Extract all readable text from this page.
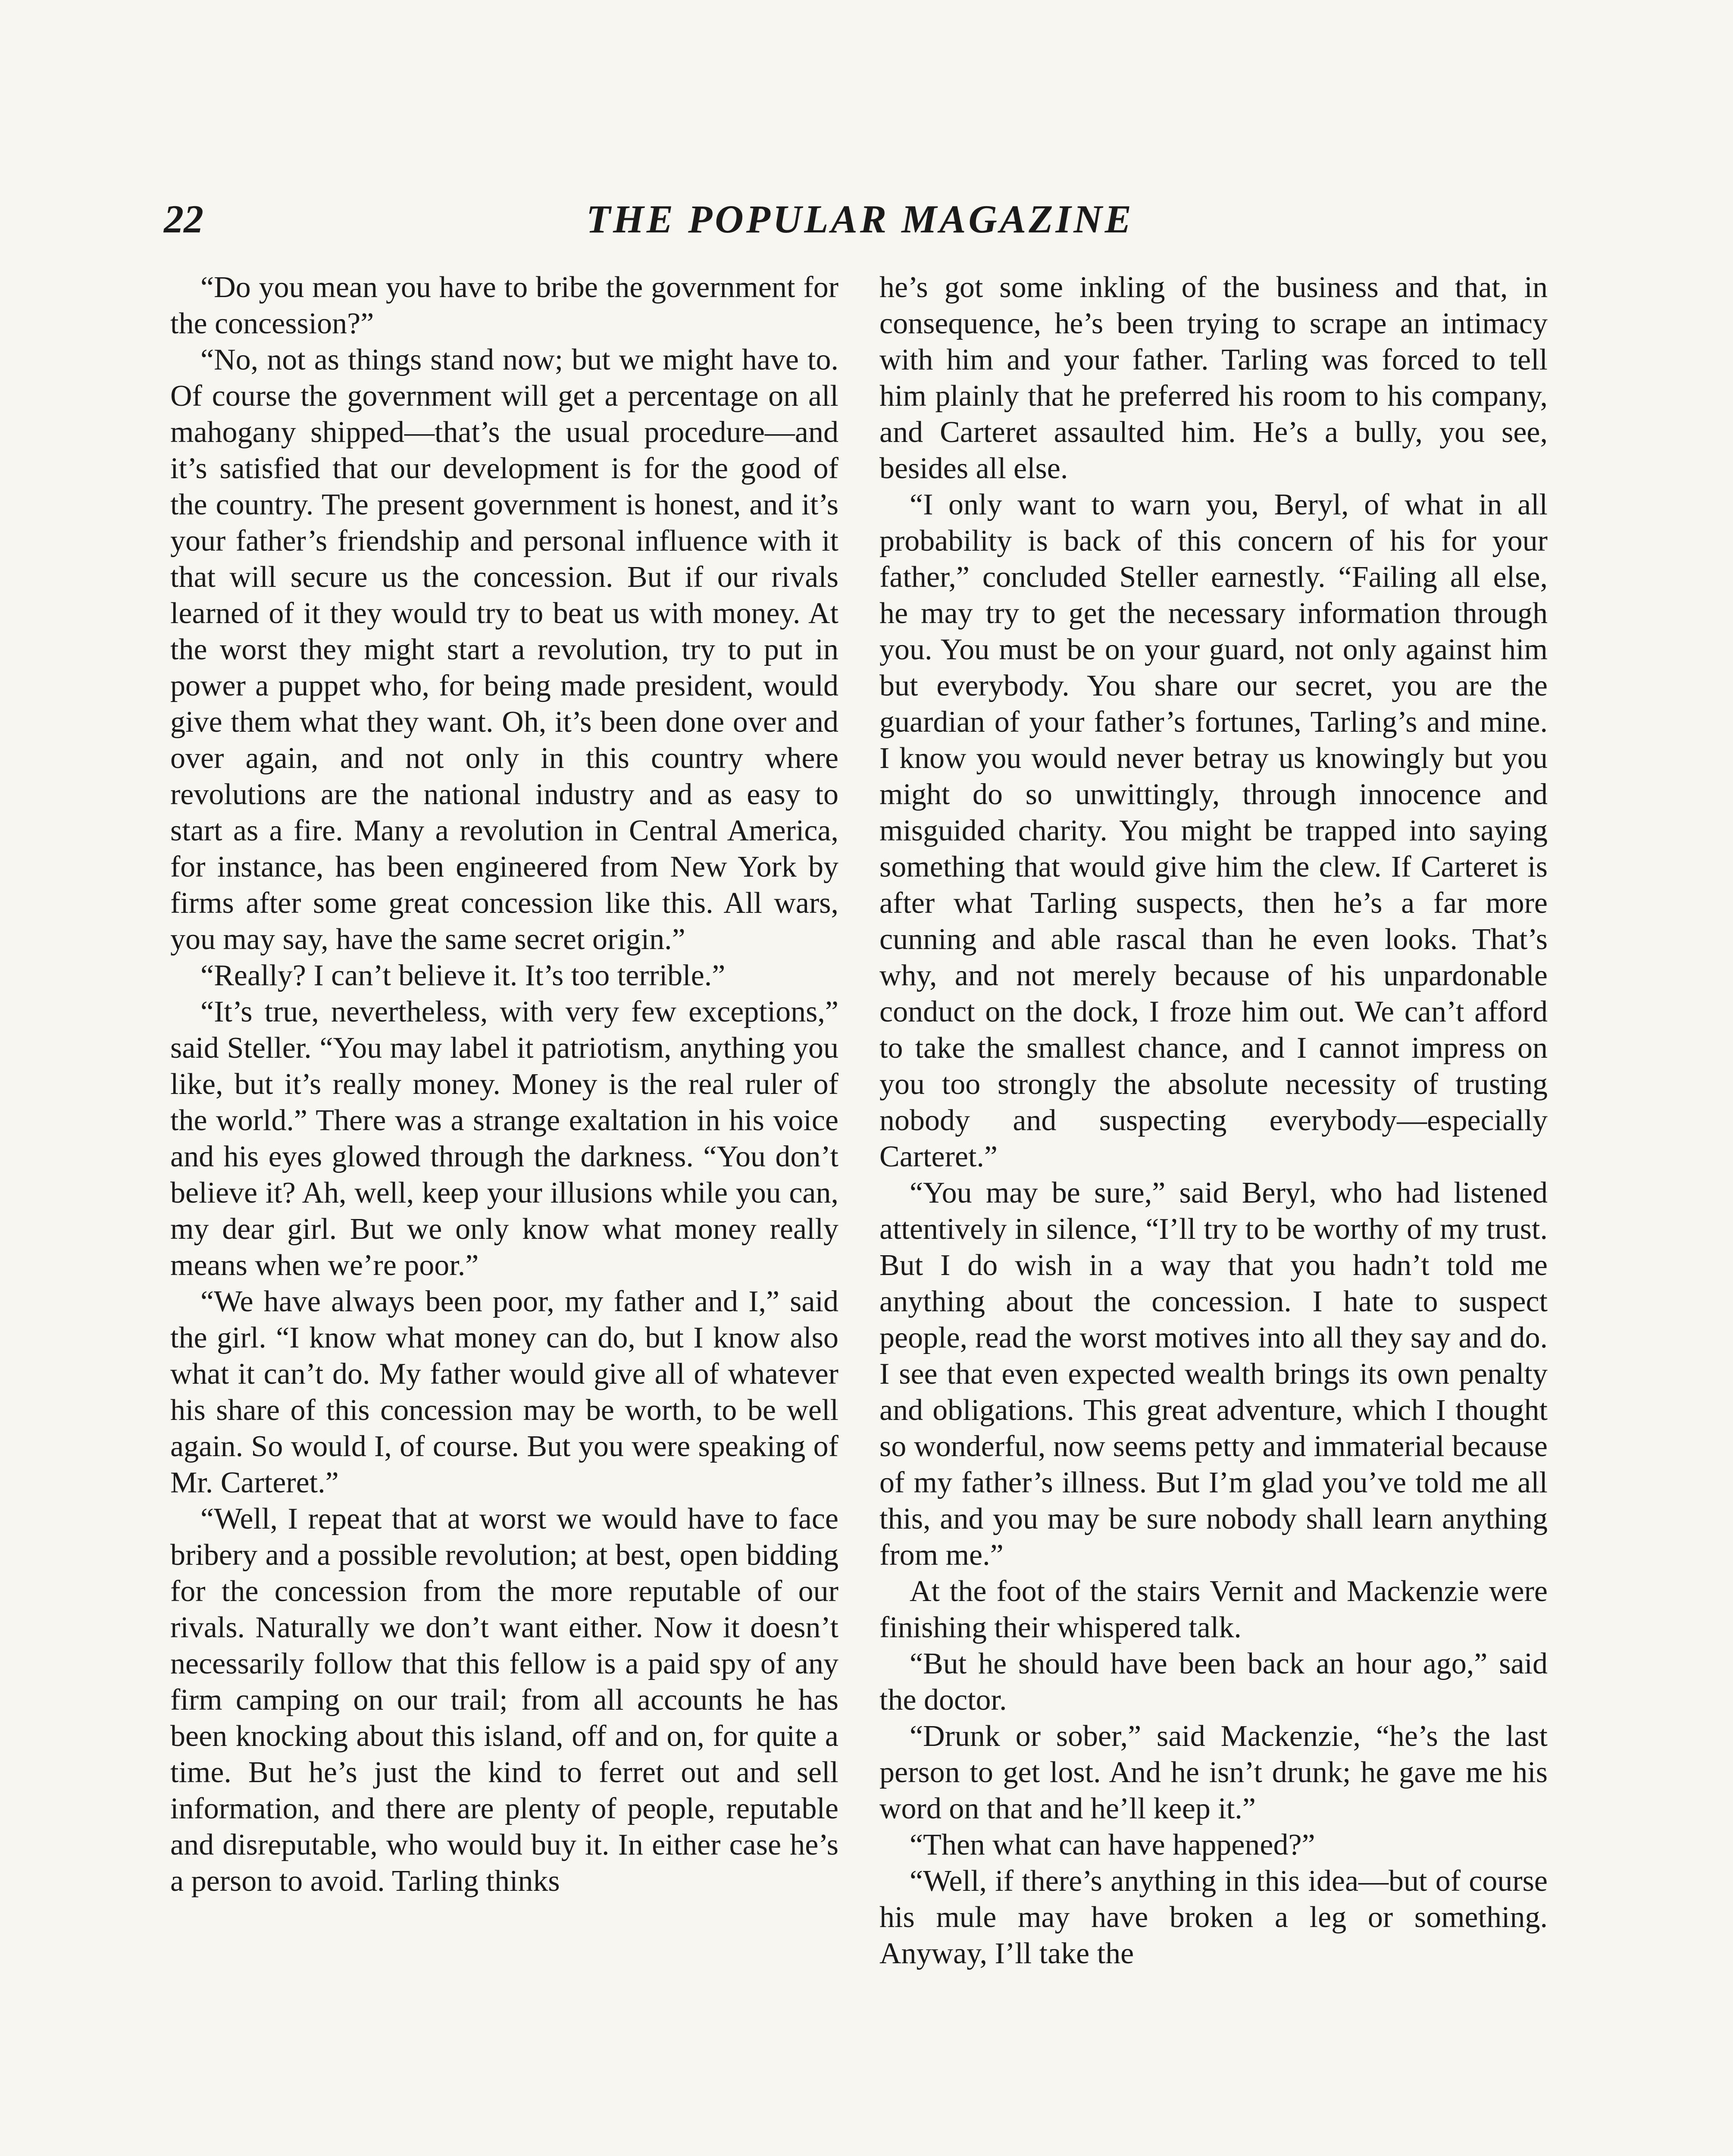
22	THE POPULAR MAGAZINE

“Do you mean you have to bribe the government for the concession?”

“No, not as things stand now; but we might have to. Of course the government will get a percentage on all mahogany shipped—that’s the usual procedure—and it’s satisfied that our development is for the good of the country. The present government is honest, and it’s your father’s friendship and personal influence with it that will secure us the concession. But if our rivals learned of it they would try to beat us with money. At the worst they might start a revolution, try to put in power a puppet who, for being made president, would give them what they want. Oh, it’s been done over and over again, and not only in this country where revolutions are the national industry and as easy to start as a fire. Many a revolution in Central America, for instance, has been engineered from New York by firms after some great concession like this. All wars, you may say, have the same secret origin.”

“Really? I can’t believe it. It’s too terrible.”

“It’s true, nevertheless, with very few exceptions,” said Steller. “You may label it patriotism, anything you like, but it’s really money. Money is the real ruler of the world.” There was a strange exaltation in his voice and his eyes glowed through the darkness. “You don’t believe it? Ah, well, keep your illusions while you can, my dear girl. But we only know what money really means when we’re poor.”

“We have always been poor, my father and I,” said the girl. “I know what money can do, but I know also what it can’t do. My father would give all of whatever his share of this concession may be worth, to be well again. So would I, of course. But you were speaking of Mr. Carteret.”

“Well, I repeat that at worst we would have to face bribery and a possible revolution; at best, open bidding for the concession from the more reputable of our rivals. Naturally we don’t want either. Now it doesn’t necessarily follow that this fellow is a paid spy of any firm camping on our trail; from all accounts he has been knocking about this island, off and on, for quite a time. But he’s just the kind to ferret out and sell information, and there are plenty of people, reputable and disreputable, who would buy it. In either case he’s a person to avoid. Tarling thinks

he’s got some inkling of the business and that, in consequence, he’s been trying to scrape an intimacy with him and your father. Tarling was forced to tell him plainly that he preferred his room to his company, and Carteret assaulted him. He’s a bully, you see, besides all else.

“I only want to warn you, Beryl, of what in all probability is back of this concern of his for your father,” concluded Steller earnestly. “Failing all else, he may try to get the necessary information through you. You must be on your guard, not only against him but everybody. You share our secret, you are the guardian of your father’s fortunes, Tarling’s and mine. I know you would never betray us knowingly but you might do so unwittingly, through innocence and misguided charity. You might be trapped into saying something that would give him the clew. If Carteret is after what Tarling suspects, then he’s a far more cunning and able rascal than he even looks. That’s why, and not merely because of his unpardonable conduct on the dock, I froze him out. We can’t afford to take the smallest chance, and I cannot impress on you too strongly the absolute necessity of trusting nobody and suspecting everybody—especially Carteret.”

“You may be sure,” said Beryl, who had listened attentively in silence, “I’ll try to be worthy of my trust. But I do wish in a way that you hadn’t told me anything about the concession. I hate to suspect people, read the worst motives into all they say and do. I see that even expected wealth brings its own penalty and obligations. This great adventure, which I thought so wonderful, now seems petty and immaterial because of my father’s illness. But I’m glad you’ve told me all this, and you may be sure nobody shall learn anything from me.”

At the foot of the stairs Vernit and Mackenzie were finishing their whispered talk.

“But he should have been back an hour ago,” said the doctor.

“Drunk or sober,” said Mackenzie, “he’s the last person to get lost. And he isn’t drunk; he gave me his word on that and he’ll keep it.”

“Then what can have happened?”

“Well, if there’s anything in this idea—but of course his mule may have broken a leg or something. Anyway, I’ll take the
